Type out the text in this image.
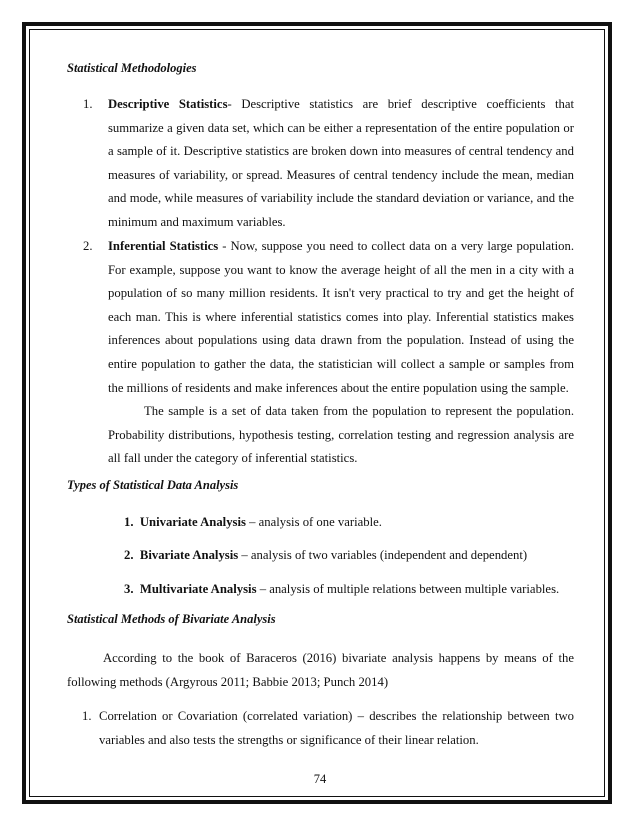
Statistical Methodologies
1. Descriptive Statistics- Descriptive statistics are brief descriptive coefficients that summarize a given data set, which can be either a representation of the entire population or a sample of it. Descriptive statistics are broken down into measures of central tendency and measures of variability, or spread. Measures of central tendency include the mean, median and mode, while measures of variability include the standard deviation or variance, and the minimum and maximum variables.
2. Inferential Statistics - Now, suppose you need to collect data on a very large population. For example, suppose you want to know the average height of all the men in a city with a population of so many million residents. It isn't very practical to try and get the height of each man. This is where inferential statistics comes into play. Inferential statistics makes inferences about populations using data drawn from the population. Instead of using the entire population to gather the data, the statistician will collect a sample or samples from the millions of residents and make inferences about the entire population using the sample.
The sample is a set of data taken from the population to represent the population. Probability distributions, hypothesis testing, correlation testing and regression analysis are all fall under the category of inferential statistics.
Types of Statistical Data Analysis
1. Univariate Analysis – analysis of one variable.
2. Bivariate Analysis – analysis of two variables (independent and dependent)
3. Multivariate Analysis – analysis of multiple relations between multiple variables.
Statistical Methods of Bivariate Analysis
According to the book of Baraceros (2016) bivariate analysis happens by means of the following methods (Argyrous 2011; Babbie 2013; Punch 2014)
1. Correlation or Covariation (correlated variation) – describes the relationship between two variables and also tests the strengths or significance of their linear relation.
74
